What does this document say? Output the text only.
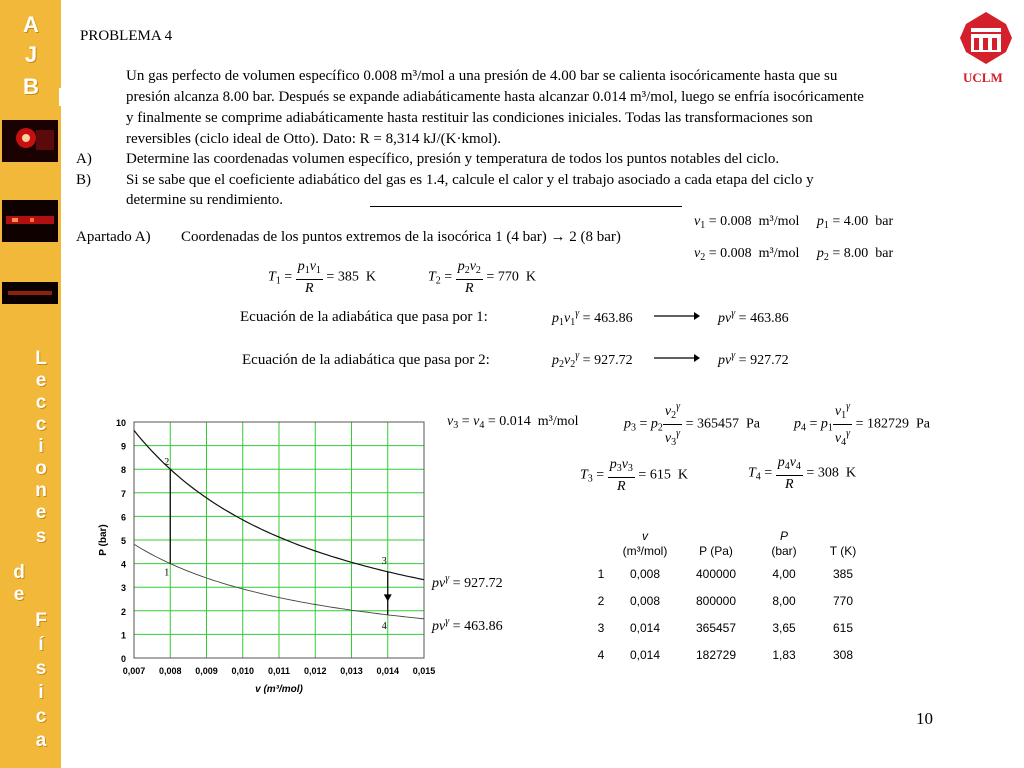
A
J
B
L
e
c
c
i
o
n
e
s
d
e
F
í
s
i
c
a
UCLM
PROBLEMA 4
Un gas perfecto de volumen específico 0.008 m³/mol a una presión de 4.00 bar se calienta isocóricamente hasta que su
presión alcanza 8.00 bar. Después se expande adiabáticamente hasta alcanzar 0.014 m³/mol, luego se enfría isocóricamente
y finalmente se comprime adiabáticamente hasta restituir las condiciones iniciales. Todas las transformaciones son
reversibles (ciclo ideal de Otto). Dato: R = 8,314 kJ/(K·kmol).
A) Determine las coordenadas volumen específico, presión y temperatura de todos los puntos notables del ciclo.
B) Si se sabe que el coeficiente adiabático del gas es 1.4, calcule el calor y el trabajo asociado a cada etapa del ciclo y
determine su rendimiento.
Apartado A) Coordenadas de los puntos extremos de la isocórica 1 (4 bar) → 2 (8 bar)
$v_1 = 0.008$ m³/mol $p_1 = 4.00$ bar
$v_2 = 0.008$ m³/mol $p_2 = 8.00$ bar
$T_1 = \frac{p_1v_1}{R} = 385$ K	$T_2 = \frac{p_2v_2}{R} = 770$ K
Ecuación de la adiabática que pasa por 1:	$p_1v_1^\gamma = 463.86$
Ecuación de la adiabática que pasa por 2:	$p_2v_2^\gamma = 927.72$
$pv^\gamma = 463.86$
$pv^\gamma = 927.72$
$v_3 = v_4 = 0.014$ m³/mol	$p_3 = p_2 \frac{v_2^\gamma}{v_3^\gamma} = 365457$ Pa $p_4 = p_1 \frac{v_1^\gamma}{v_4^\gamma} = 182729$ Pa
$T_3 = \frac{p_3v_3}{R} = 615$ K	$T_4 = \frac{p_4v_4}{R} = 308$ K
	v
(m³/mol)	P (Pa)	P
(bar)	T (K)
1	0,008	400000	4,00	385
2	0,008	800000	8,00	770
3	0,014	365457	3,65	615
4	0,014	182729	1,83	308
0
1
2
3
4
5
6
7
8
9
10
0,007 0,008 0,009 0,010 0,011 0,012 0,013 0,014 0,015
v (m³/mol)
P (bar)
1
2
3
4
$pv^\gamma = 927.72$
$pv^\gamma = 463.86$
10
